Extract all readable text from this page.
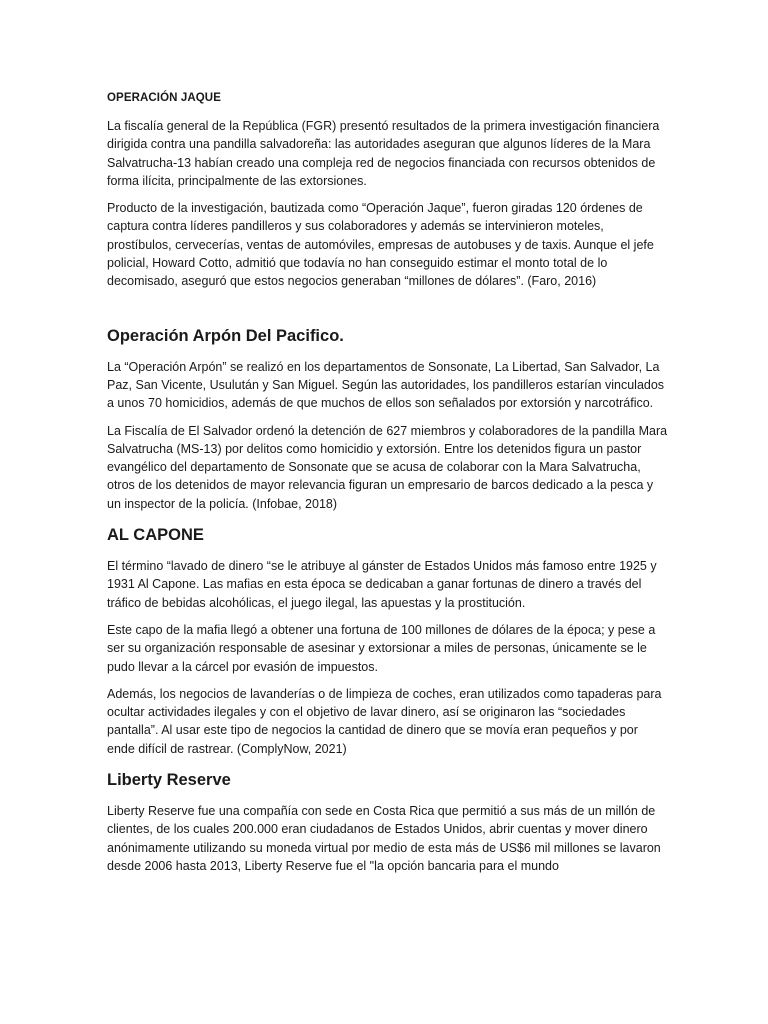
OPERACIÓN JAQUE

La fiscalía general de la República (FGR) presentó resultados de la primera investigación financiera dirigida contra una pandilla salvadoreña: las autoridades aseguran que algunos líderes de la Mara Salvatrucha-13 habían creado una compleja red de negocios financiada con recursos obtenidos de forma ilícita, principalmente de las extorsiones.

Producto de la investigación, bautizada como “Operación Jaque”, fueron giradas 120 órdenes de captura contra líderes pandilleros y sus colaboradores y además se intervinieron moteles, prostíbulos, cervecerías, ventas de automóviles, empresas de autobuses y de taxis. Aunque el jefe policial, Howard Cotto, admitió que todavía no han conseguido estimar el monto total de lo decomisado, aseguró que estos negocios generaban “millones de dólares”. (Faro, 2016)

Operación Arpón Del Pacifico.

La “Operación Arpón” se realizó en los departamentos de Sonsonate, La Libertad, San Salvador, La Paz, San Vicente, Usulután y San Miguel. Según las autoridades, los pandilleros estarían vinculados a unos 70 homicidios, además de que muchos de ellos son señalados por extorsión y narcotráfico.

La Fiscalía de El Salvador ordenó la detención de 627 miembros y colaboradores de la pandilla Mara Salvatrucha (MS-13) por delitos como homicidio y extorsión. Entre los detenidos figura un pastor evangélico del departamento de Sonsonate que se acusa de colaborar con la Mara Salvatrucha, otros de los detenidos de mayor relevancia figuran un empresario de barcos dedicado a la pesca y un inspector de la policía. (Infobae, 2018)

AL CAPONE

El término “lavado de dinero “se le atribuye al gánster de Estados Unidos más famoso entre 1925 y 1931 Al Capone. Las mafias en esta época se dedicaban a ganar fortunas de dinero a través del tráfico de bebidas alcohólicas, el juego ilegal, las apuestas y la prostitución.

Este capo de la mafia llegó a obtener una fortuna de 100 millones de dólares de la época; y pese a ser su organización responsable de asesinar y extorsionar a miles de personas, únicamente se le pudo llevar a la cárcel por evasión de impuestos.

Además, los negocios de lavanderías o de limpieza de coches, eran utilizados como tapaderas para ocultar actividades ilegales y con el objetivo de lavar dinero, así se originaron las “sociedades pantalla”. Al usar este tipo de negocios la cantidad de dinero que se movía eran pequeños y por ende difícil de rastrear. (ComplyNow, 2021)

Liberty Reserve

Liberty Reserve fue una compañía con sede en Costa Rica que permitió a sus más de un millón de clientes, de los cuales 200.000 eran ciudadanos de Estados Unidos, abrir cuentas y mover dinero anónimamente utilizando su moneda virtual por medio de esta más de US$6 mil millones se lavaron desde 2006 hasta 2013, Liberty Reserve fue el "la opción bancaria para el mundo
